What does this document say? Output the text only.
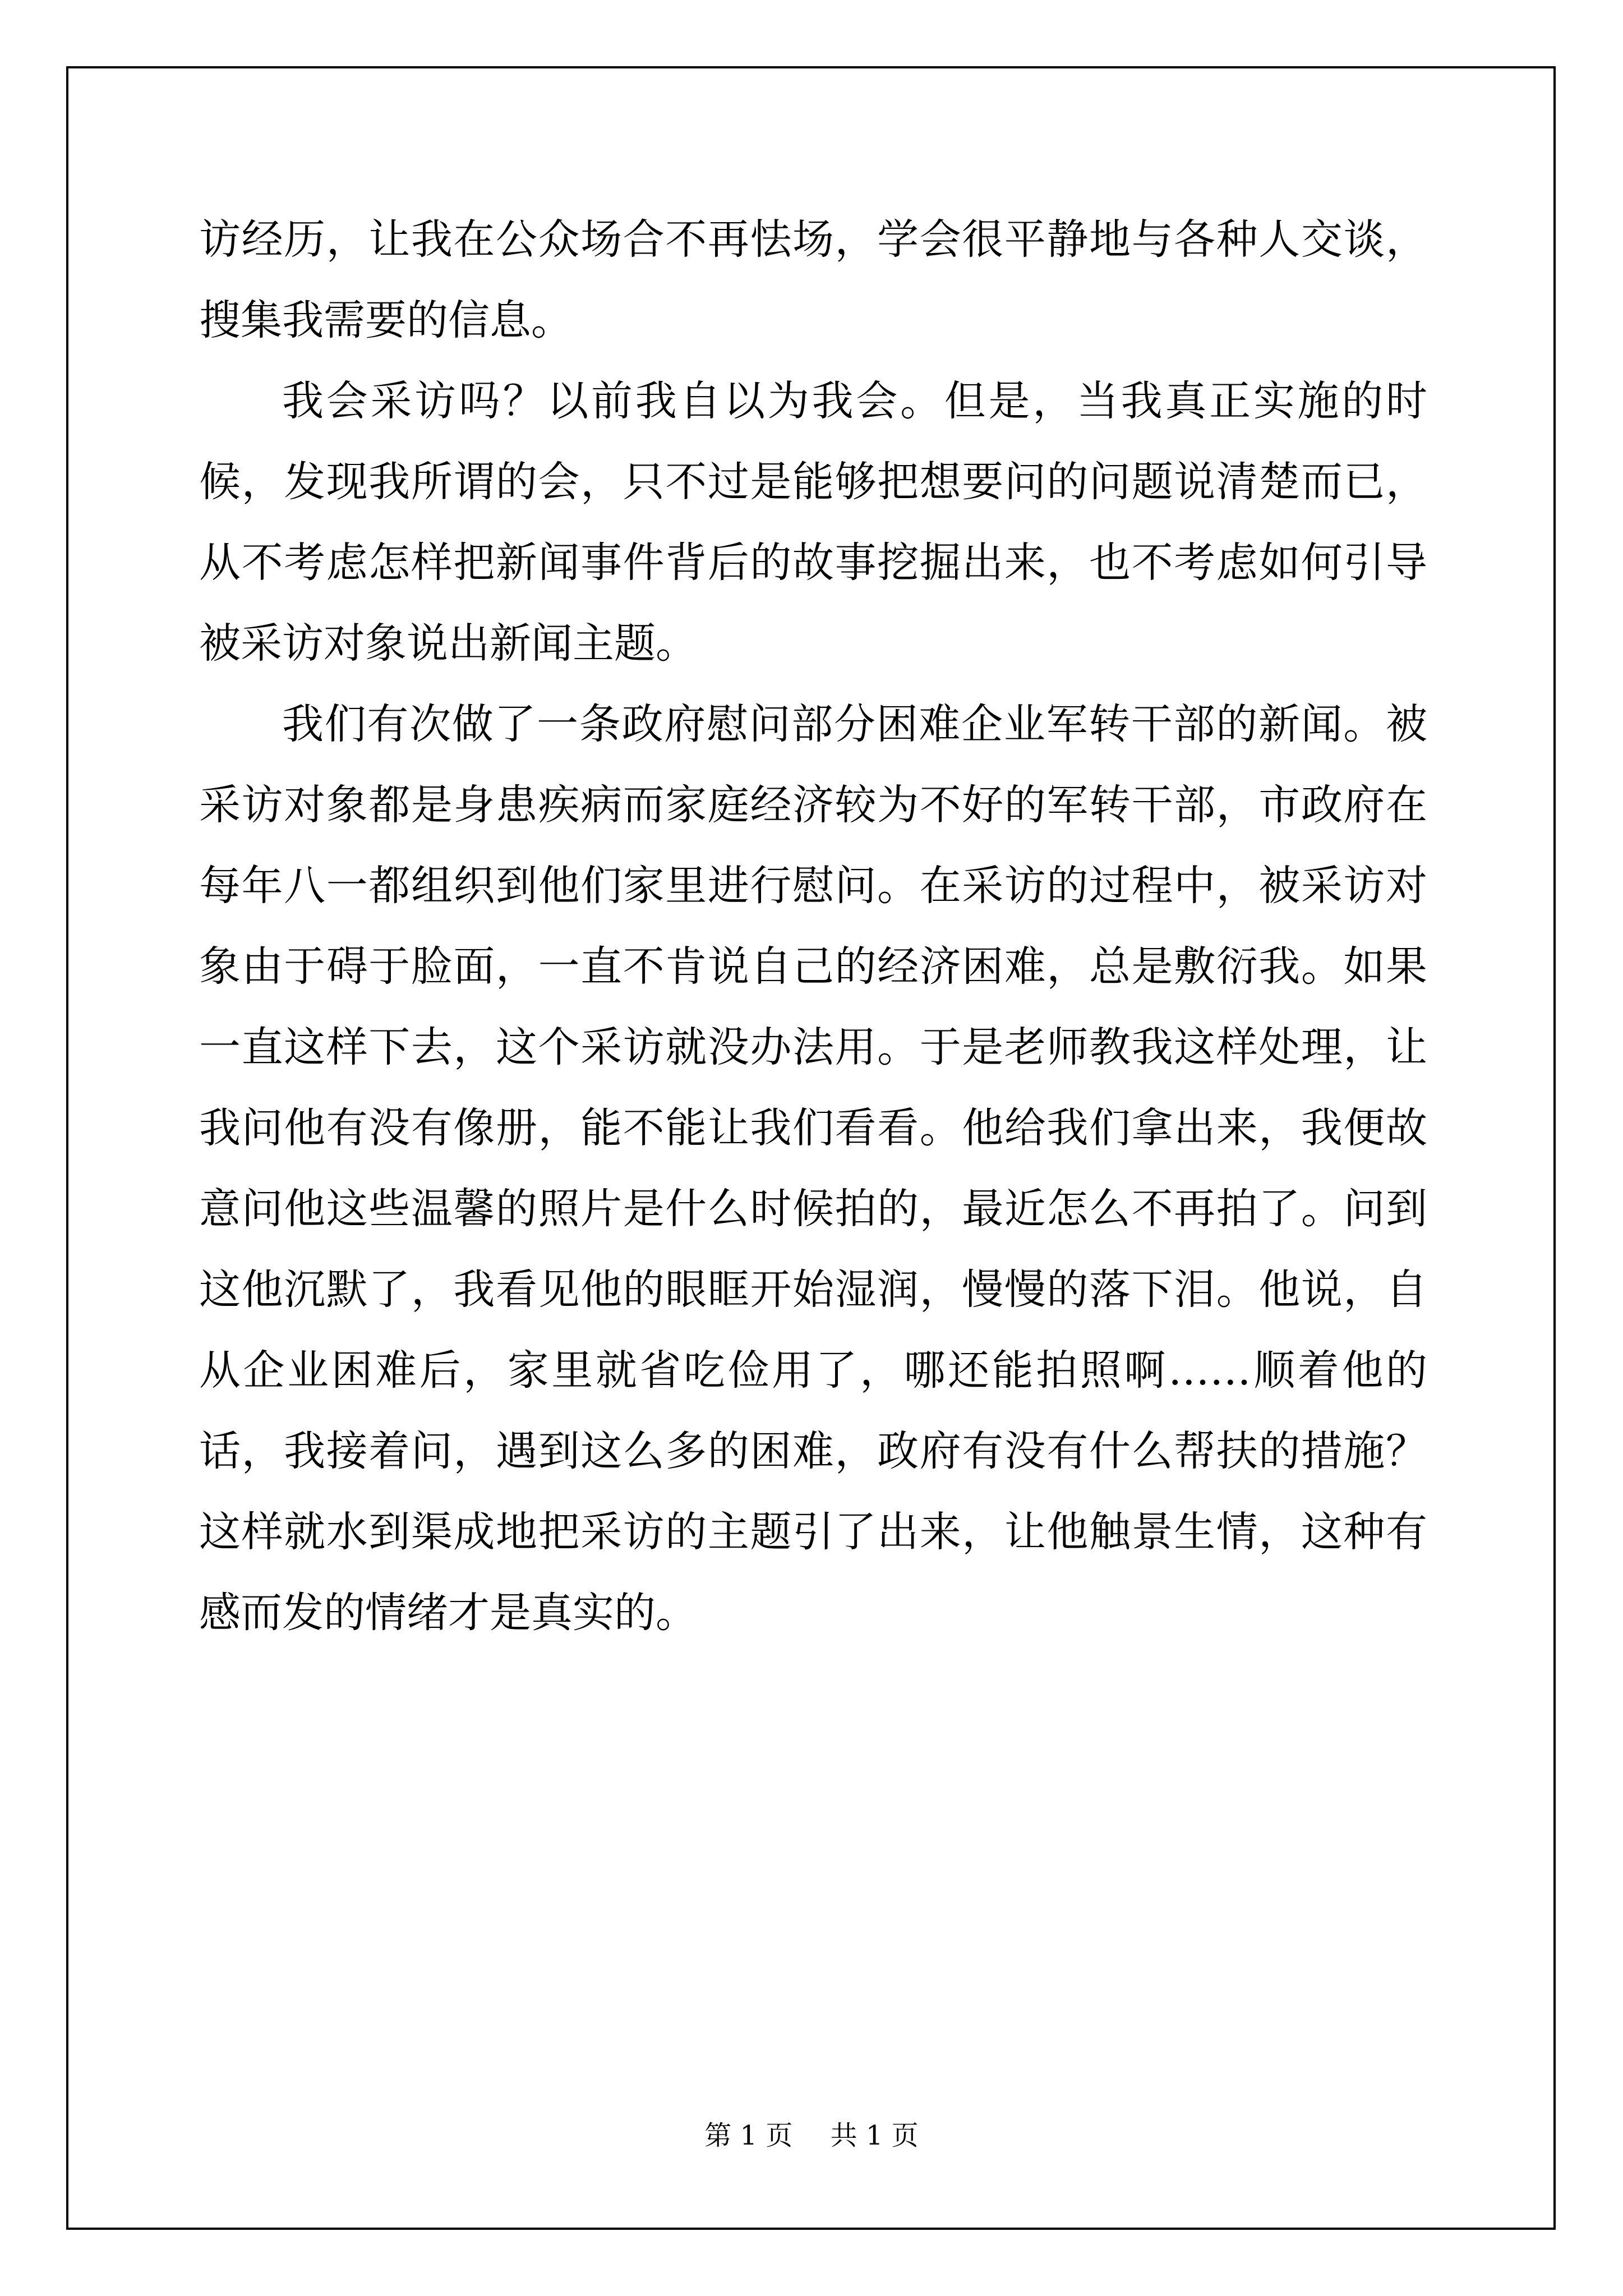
访经历，让我在公众场合不再怯场，学会很平静地与各种人交谈，搜集我需要的信息。

我会采访吗？以前我自以为我会。但是，当我真正实施的时候，发现我所谓的会，只不过是能够把想要问的问题说清楚而已，从不考虑怎样把新闻事件背后的故事挖掘出来，也不考虑如何引导被采访对象说出新闻主题。

我们有次做了一条政府慰问部分困难企业军转干部的新闻。被采访对象都是身患疾病而家庭经济较为不好的军转干部，市政府在每年八一都组织到他们家里进行慰问。在采访的过程中，被采访对象由于碍于脸面，一直不肯说自己的经济困难，总是敷衍我。如果一直这样下去，这个采访就没办法用。于是老师教我这样处理，让我问他有没有像册，能不能让我们看看。他给我们拿出来，我便故意问他这些温馨的照片是什么时候拍的，最近怎么不再拍了。问到这他沉默了，我看见他的眼眶开始湿润，慢慢的落下泪。他说，自从企业困难后，家里就省吃俭用了，哪还能拍照啊……顺着他的话，我接着问，遇到这么多的困难，政府有没有什么帮扶的措施？这样就水到渠成地把采访的主题引了出来，让他触景生情，这种有感而发的情绪才是真实的。

第 1 页 共 1 页
